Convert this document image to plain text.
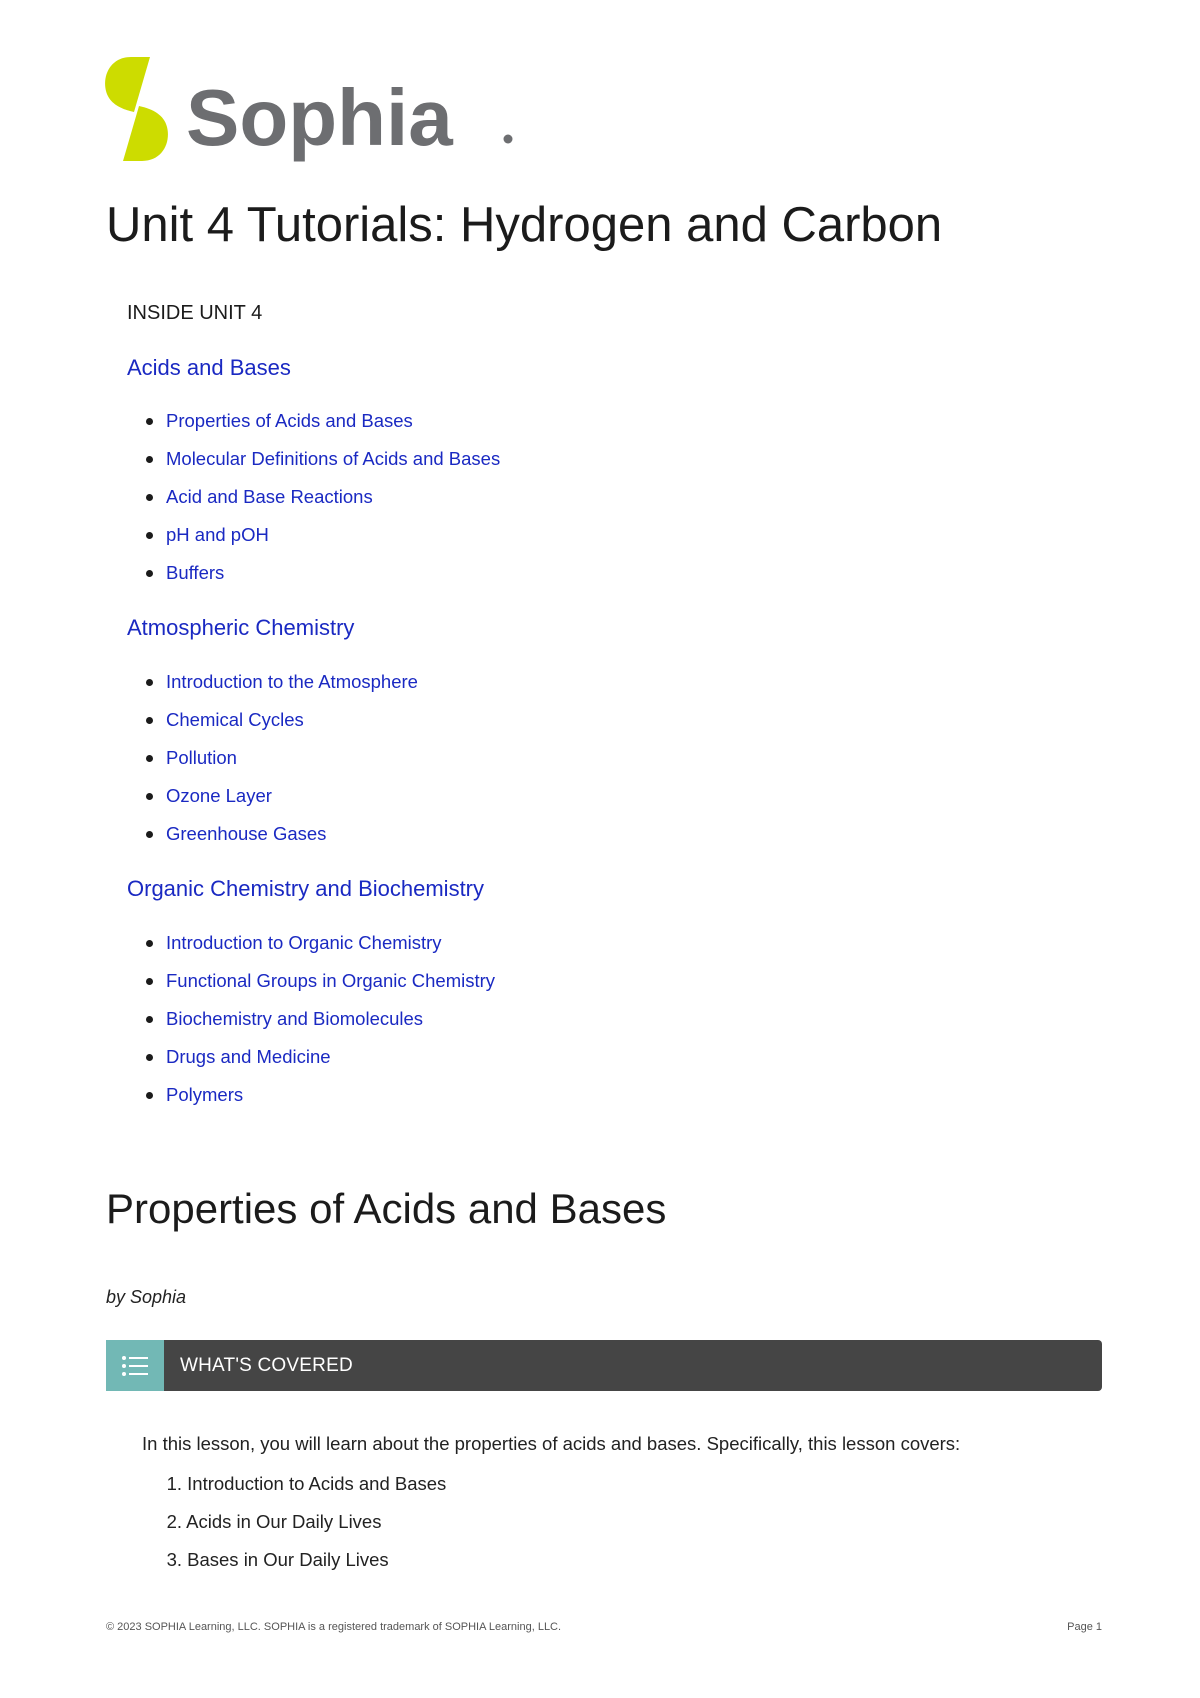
Sophia
Unit 4 Tutorials: Hydrogen and Carbon
INSIDE UNIT 4
Acids and Bases
Properties of Acids and Bases
Molecular Definitions of Acids and Bases
Acid and Base Reactions
pH and pOH
Buffers
Atmospheric Chemistry
Introduction to the Atmosphere
Chemical Cycles
Pollution
Ozone Layer
Greenhouse Gases
Organic Chemistry and Biochemistry
Introduction to Organic Chemistry
Functional Groups in Organic Chemistry
Biochemistry and Biomolecules
Drugs and Medicine
Polymers
Properties of Acids and Bases
by Sophia
WHAT'S COVERED
In this lesson, you will learn about the properties of acids and bases. Specifically, this lesson covers:
1. Introduction to Acids and Bases
2. Acids in Our Daily Lives
3. Bases in Our Daily Lives
© 2023 SOPHIA Learning, LLC. SOPHIA is a registered trademark of SOPHIA Learning, LLC.	Page 1
